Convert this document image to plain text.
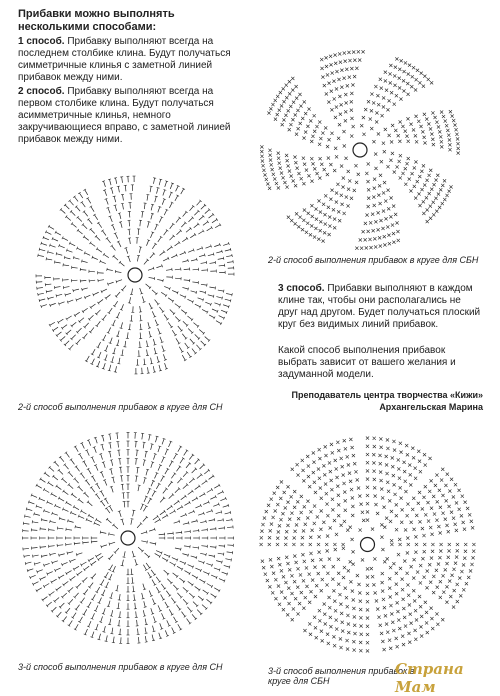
Прибавки можно выполнять несколькими способами:

1 способ. Прибавку выполняют всегда на последнем столбике клина. Будут получаться симметричные клинья с заметной линией прибавок между ними.

2 способ. Прибавку выполняют всегда на первом столбике клина. Будут получаться асимметричные клинья, немного закручивающиеся вправо, с заметной линией прибавок между ними.

2-й способ выполнения прибавок в круге для СБН
2-й способ выполнения прибавок в круге для СН

3 способ. Прибавки выполняют в каждом клине так, чтобы они располагались не друг над другом. Будет получаться плоский круг без видимых линий прибавок.

Какой способ выполнения прибавок выбрать зависит от вашего желания и задуманной модели.

Преподаватель центра творчества «Кижи»

Архангельская Марина

3-й способ выполнения прибавок в круге для СН	3-й способ выполнения прибавок в круге для СБН
Страна Мам
